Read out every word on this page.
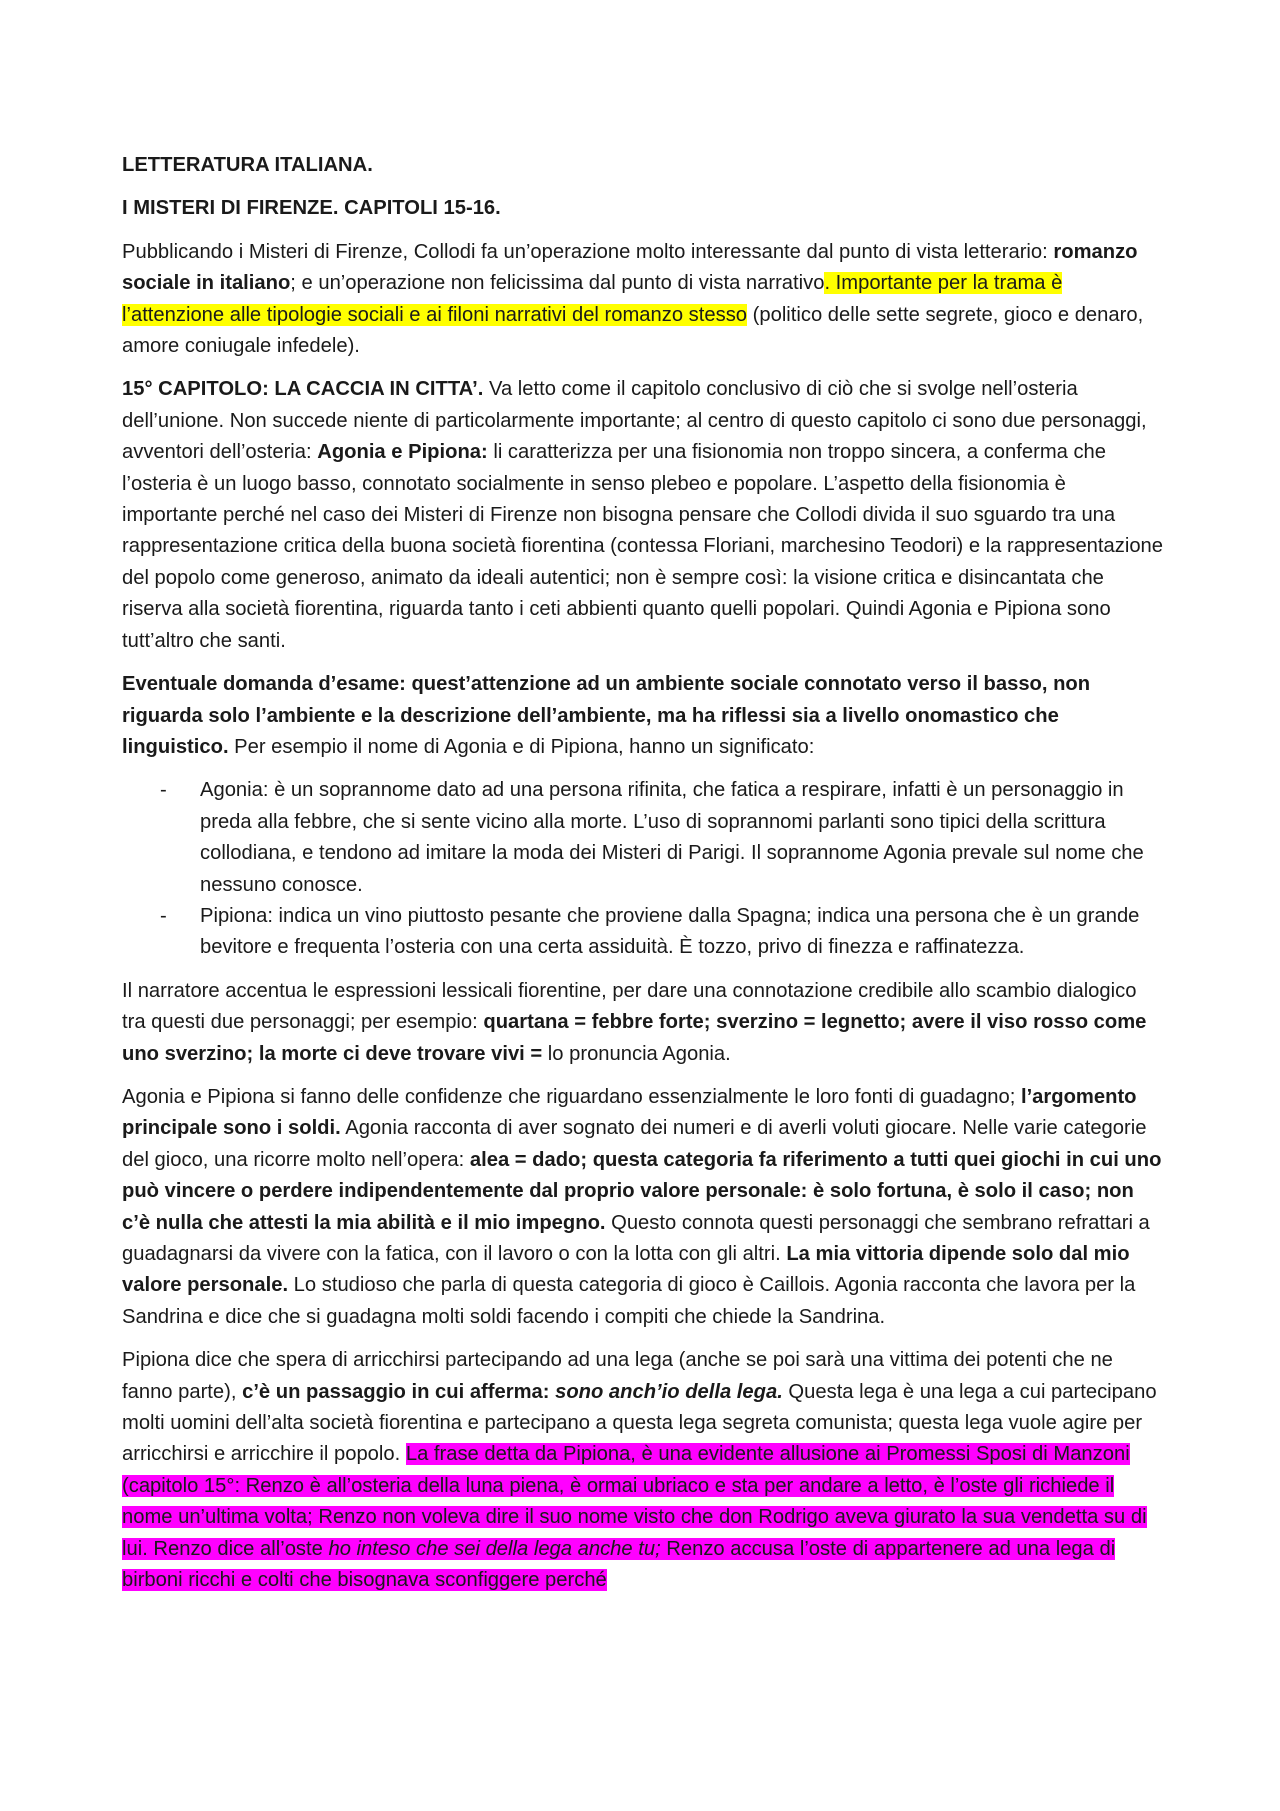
LETTERATURA ITALIANA.

I MISTERI DI FIRENZE. CAPITOLI 15-16.

Pubblicando i Misteri di Firenze, Collodi fa un’operazione molto interessante dal punto di vista letterario: romanzo sociale in italiano; e un’operazione non felicissima dal punto di vista narrativo. Importante per la trama è l’attenzione alle tipologie sociali e ai filoni narrativi del romanzo stesso (politico delle sette segrete, gioco e denaro, amore coniugale infedele).

15° CAPITOLO: LA CACCIA IN CITTA’. Va letto come il capitolo conclusivo di ciò che si svolge nell’osteria dell’unione. Non succede niente di particolarmente importante; al centro di questo capitolo ci sono due personaggi, avventori dell’osteria: Agonia e Pipiona: li caratterizza per una fisionomia non troppo sincera, a conferma che l’osteria è un luogo basso, connotato socialmente in senso plebeo e popolare. L’aspetto della fisionomia è importante perché nel caso dei Misteri di Firenze non bisogna pensare che Collodi divida il suo sguardo tra una rappresentazione critica della buona società fiorentina (contessa Floriani, marchesino Teodori) e la rappresentazione del popolo come generoso, animato da ideali autentici; non è sempre così: la visione critica e disincantata che riserva alla società fiorentina, riguarda tanto i ceti abbienti quanto quelli popolari. Quindi Agonia e Pipiona sono tutt’altro che santi.

Eventuale domanda d’esame: quest’attenzione ad un ambiente sociale connotato verso il basso, non riguarda solo l’ambiente e la descrizione dell’ambiente, ma ha riflessi sia a livello onomastico che linguistico. Per esempio il nome di Agonia e di Pipiona, hanno un significato:

- Agonia: è un soprannome dato ad una persona rifinita, che fatica a respirare, infatti è un personaggio in preda alla febbre, che si sente vicino alla morte. L’uso di soprannomi parlanti sono tipici della scrittura collodiana, e tendono ad imitare la moda dei Misteri di Parigi. Il soprannome Agonia prevale sul nome che nessuno conosce.
- Pipiona: indica un vino piuttosto pesante che proviene dalla Spagna; indica una persona che è un grande bevitore e frequenta l’osteria con una certa assiduità. È tozzo, privo di finezza e raffinatezza.

Il narratore accentua le espressioni lessicali fiorentine, per dare una connotazione credibile allo scambio dialogico tra questi due personaggi; per esempio: quartana = febbre forte; sverzino = legnetto; avere il viso rosso come uno sverzino; la morte ci deve trovare vivi = lo pronuncia Agonia.

Agonia e Pipiona si fanno delle confidenze che riguardano essenzialmente le loro fonti di guadagno; l’argomento principale sono i soldi. Agonia racconta di aver sognato dei numeri e di averli voluti giocare. Nelle varie categorie del gioco, una ricorre molto nell’opera: alea = dado; questa categoria fa riferimento a tutti quei giochi in cui uno può vincere o perdere indipendentemente dal proprio valore personale: è solo fortuna, è solo il caso; non c’è nulla che attesti la mia abilità e il mio impegno. Questo connota questi personaggi che sembrano refrattari a guadagnarsi da vivere con la fatica, con il lavoro o con la lotta con gli altri. La mia vittoria dipende solo dal mio valore personale. Lo studioso che parla di questa categoria di gioco è Caillois. Agonia racconta che lavora per la Sandrina e dice che si guadagna molti soldi facendo i compiti che chiede la Sandrina.

Pipiona dice che spera di arricchirsi partecipando ad una lega (anche se poi sarà una vittima dei potenti che ne fanno parte), c’è un passaggio in cui afferma: sono anch’io della lega. Questa lega è una lega a cui partecipano molti uomini dell’alta società fiorentina e partecipano a questa lega segreta comunista; questa lega vuole agire per arricchirsi e arricchire il popolo. La frase detta da Pipiona, è una evidente allusione ai Promessi Sposi di Manzoni (capitolo 15°: Renzo è all’osteria della luna piena, è ormai ubriaco e sta per andare a letto, è l’oste gli richiede il nome un’ultima volta; Renzo non voleva dire il suo nome visto che don Rodrigo aveva giurato la sua vendetta su di lui. Renzo dice all’oste ho inteso che sei della lega anche tu; Renzo accusa l’oste di appartenere ad una lega di birboni ricchi e colti che bisognava sconfiggere perché
